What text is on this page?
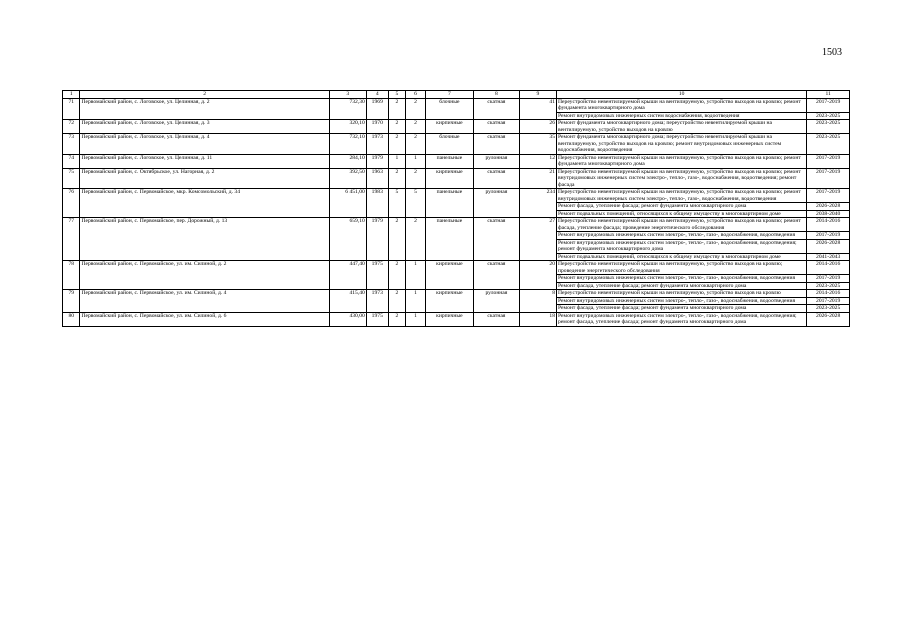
1503
1	2	3	4	5	6	7	8	9	10	11
71	Первомайский район, с. Логовское, ул. Целинная, д. 2	732,30	1969	2	2	блочные	скатная	41	Переустройство невентилируемой крыши на вентилируемую, устройство выходов на кровлю; ремонт фундамента многоквартирного дома	2017-2019
									Ремонт внутридомовых инженерных систем водоснабжения, водоотведения	2023-2025
72	Первомайский район, с. Логовское, ул. Целинная, д. 3	320,10	1970	2	2	кирпичные	скатная	26	Ремонт фундамента многоквартирного дома; переустройство невентилируемой крыши на вентилируемую, устройство выходов на кровлю	2023-2025
73	Первомайский район, с. Логовское, ул. Целинная, д. 4	732,10	1973	2	2	блочные	скатная	35	Ремонт фундамента многоквартирного дома; переустройство невентилируемой крыши на вентилируемую, устройство выходов на кровлю; ремонт внутридомовых инженерных систем водоснабжения, водоотведения	2023-2025
74	Первомайский район, с. Логовское, ул. Целинная, д. 11	284,10	1979	1	1	панельные	рулонная	12	Переустройство невентилируемой крыши на вентилируемую, устройство выходов на кровлю; ремонт фундамента многоквартирного дома	2017-2019
75	Первомайский район, с. Октябрьское, ул. Нагорная, д. 2	392,50	1963	2	2	кирпичные	скатная	21	Переустройство невентилируемой крыши на вентилируемую, устройство выходов на кровлю; ремонт внутридомовых инженерных систем электро-, тепло-, газо-, водоснабжения, водоотведения; ремонт фасада	2017-2019
76	Первомайский район, с. Первомайское, мкр. Комсомольский, д. 34	6 451,00	1983	5	5	панельные	рулонная	234	Переустройство невентилируемой крыши на вентилируемую, устройство выходов на кровлю; ремонт внутридомовых инженерных систем электро-, тепло-, газо-, водоснабжения, водоотведения	2017-2019
									Ремонт фасада, утепление фасада; ремонт фундамента многоквартирного дома	2026-2028
									Ремонт подвальных помещений, относящихся к общему имуществу в многоквартирном доме	2038-2040
77	Первомайский район, с. Первомайское, пер. Дорожный, д. 13	659,10	1979	2	2	панельные	скатная	27	Переустройство невентилируемой крыши на вентилируемую, устройство выходов на кровлю; ремонт фасада, утепление фасада; проведение энергетического обследования	2014-2016
									Ремонт внутридомовых инженерных систем электро-, тепло-, газо-, водоснабжения, водоотведения	2017-2019
									Ремонт внутридомовых инженерных систем электро-, тепло-, газо-, водоснабжения, водоотведения; ремонт фундамента многоквартирного дома	2026-2028
									Ремонт подвальных помещений, относящихся к общему имуществу в многоквартирном доме	2041-2043
78	Первомайский район, с. Первомайское, ул. им. Силиной, д. 2	447,40	1975	2	1	кирпичные	скатная	20	Переустройство невентилируемой крыши на вентилируемую, устройство выходов на кровлю; проведение энергетического обследования	2014-2016
									Ремонт внутридомовых инженерных систем электро-, тепло-, газо-, водоснабжения, водоотведения	2017-2019
									Ремонт фасада, утепление фасада; ремонт фундамента многоквартирного дома	2023-2025
79	Первомайский район, с. Первомайское, ул. им. Силиной, д. 4	415,40	1973	2	1	кирпичные	рулонная	8	Переустройство невентилируемой крыши на вентилируемую, устройство выходов на кровлю	2014-2016
									Ремонт внутридомовых инженерных систем электро-, тепло-, газо-, водоснабжения, водоотведения	2017-2019
									Ремонт фасада, утепление фасада; ремонт фундамента многоквартирного дома	2023-2025
80	Первомайский район, с. Первомайское, ул. им. Силиной, д. 6	430,00	1975	2	1	кирпичные	скатная	18	Ремонт внутридомовых инженерных систем электро-, тепло-, газо-, водоснабжения, водоотведения; ремонт фасада, утепление фасада; ремонт фундамента многоквартирного дома	2026-2028
